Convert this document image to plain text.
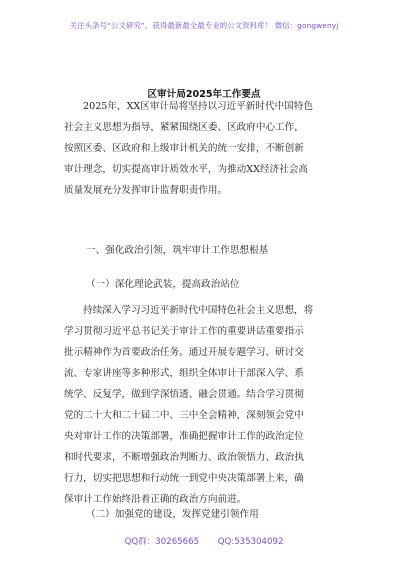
关注头条号“公文研究”，获得最新最全最专业的公文资料库！ 微信：gongwenyj
区审计局2025年工作要点
2025年，XX区审计局将坚持以习近平新时代中国特色
社会主义思想为指导，紧紧围绕区委、区政府中心工作，
按照区委、区政府和上级审计机关的统一安排，不断创新
审计理念，切实提高审计质效水平，为推动XX经济社会高
质量发展充分发挥审计监督职责作用。
一、强化政治引领，筑牢审计工作思想根基
（一）深化理论武装，提高政治站位
持续深入学习习近平新时代中国特色社会主义思想，将
学习贯彻习近平总书记关于审计工作的重要讲话重要指示
批示精神作为首要政治任务。通过开展专题学习、研讨交
流、专家讲座等多种形式，组织全体审计干部深入学、系
统学、反复学，做到学深悟透、融会贯通。结合学习贯彻
党的二十大和二十届二中、三中全会精神，深刻领会党中
央对审计工作的决策部署，准确把握审计工作的政治定位
和时代要求，不断增强政治判断力、政治领悟力、政治执
行力，切实把思想和行动统一到党中央决策部署上来，确
保审计工作始终沿着正确的政治方向前进。
（二）加强党的建设，发挥党建引领作用
QQ群：30265665 QQ:535304092
